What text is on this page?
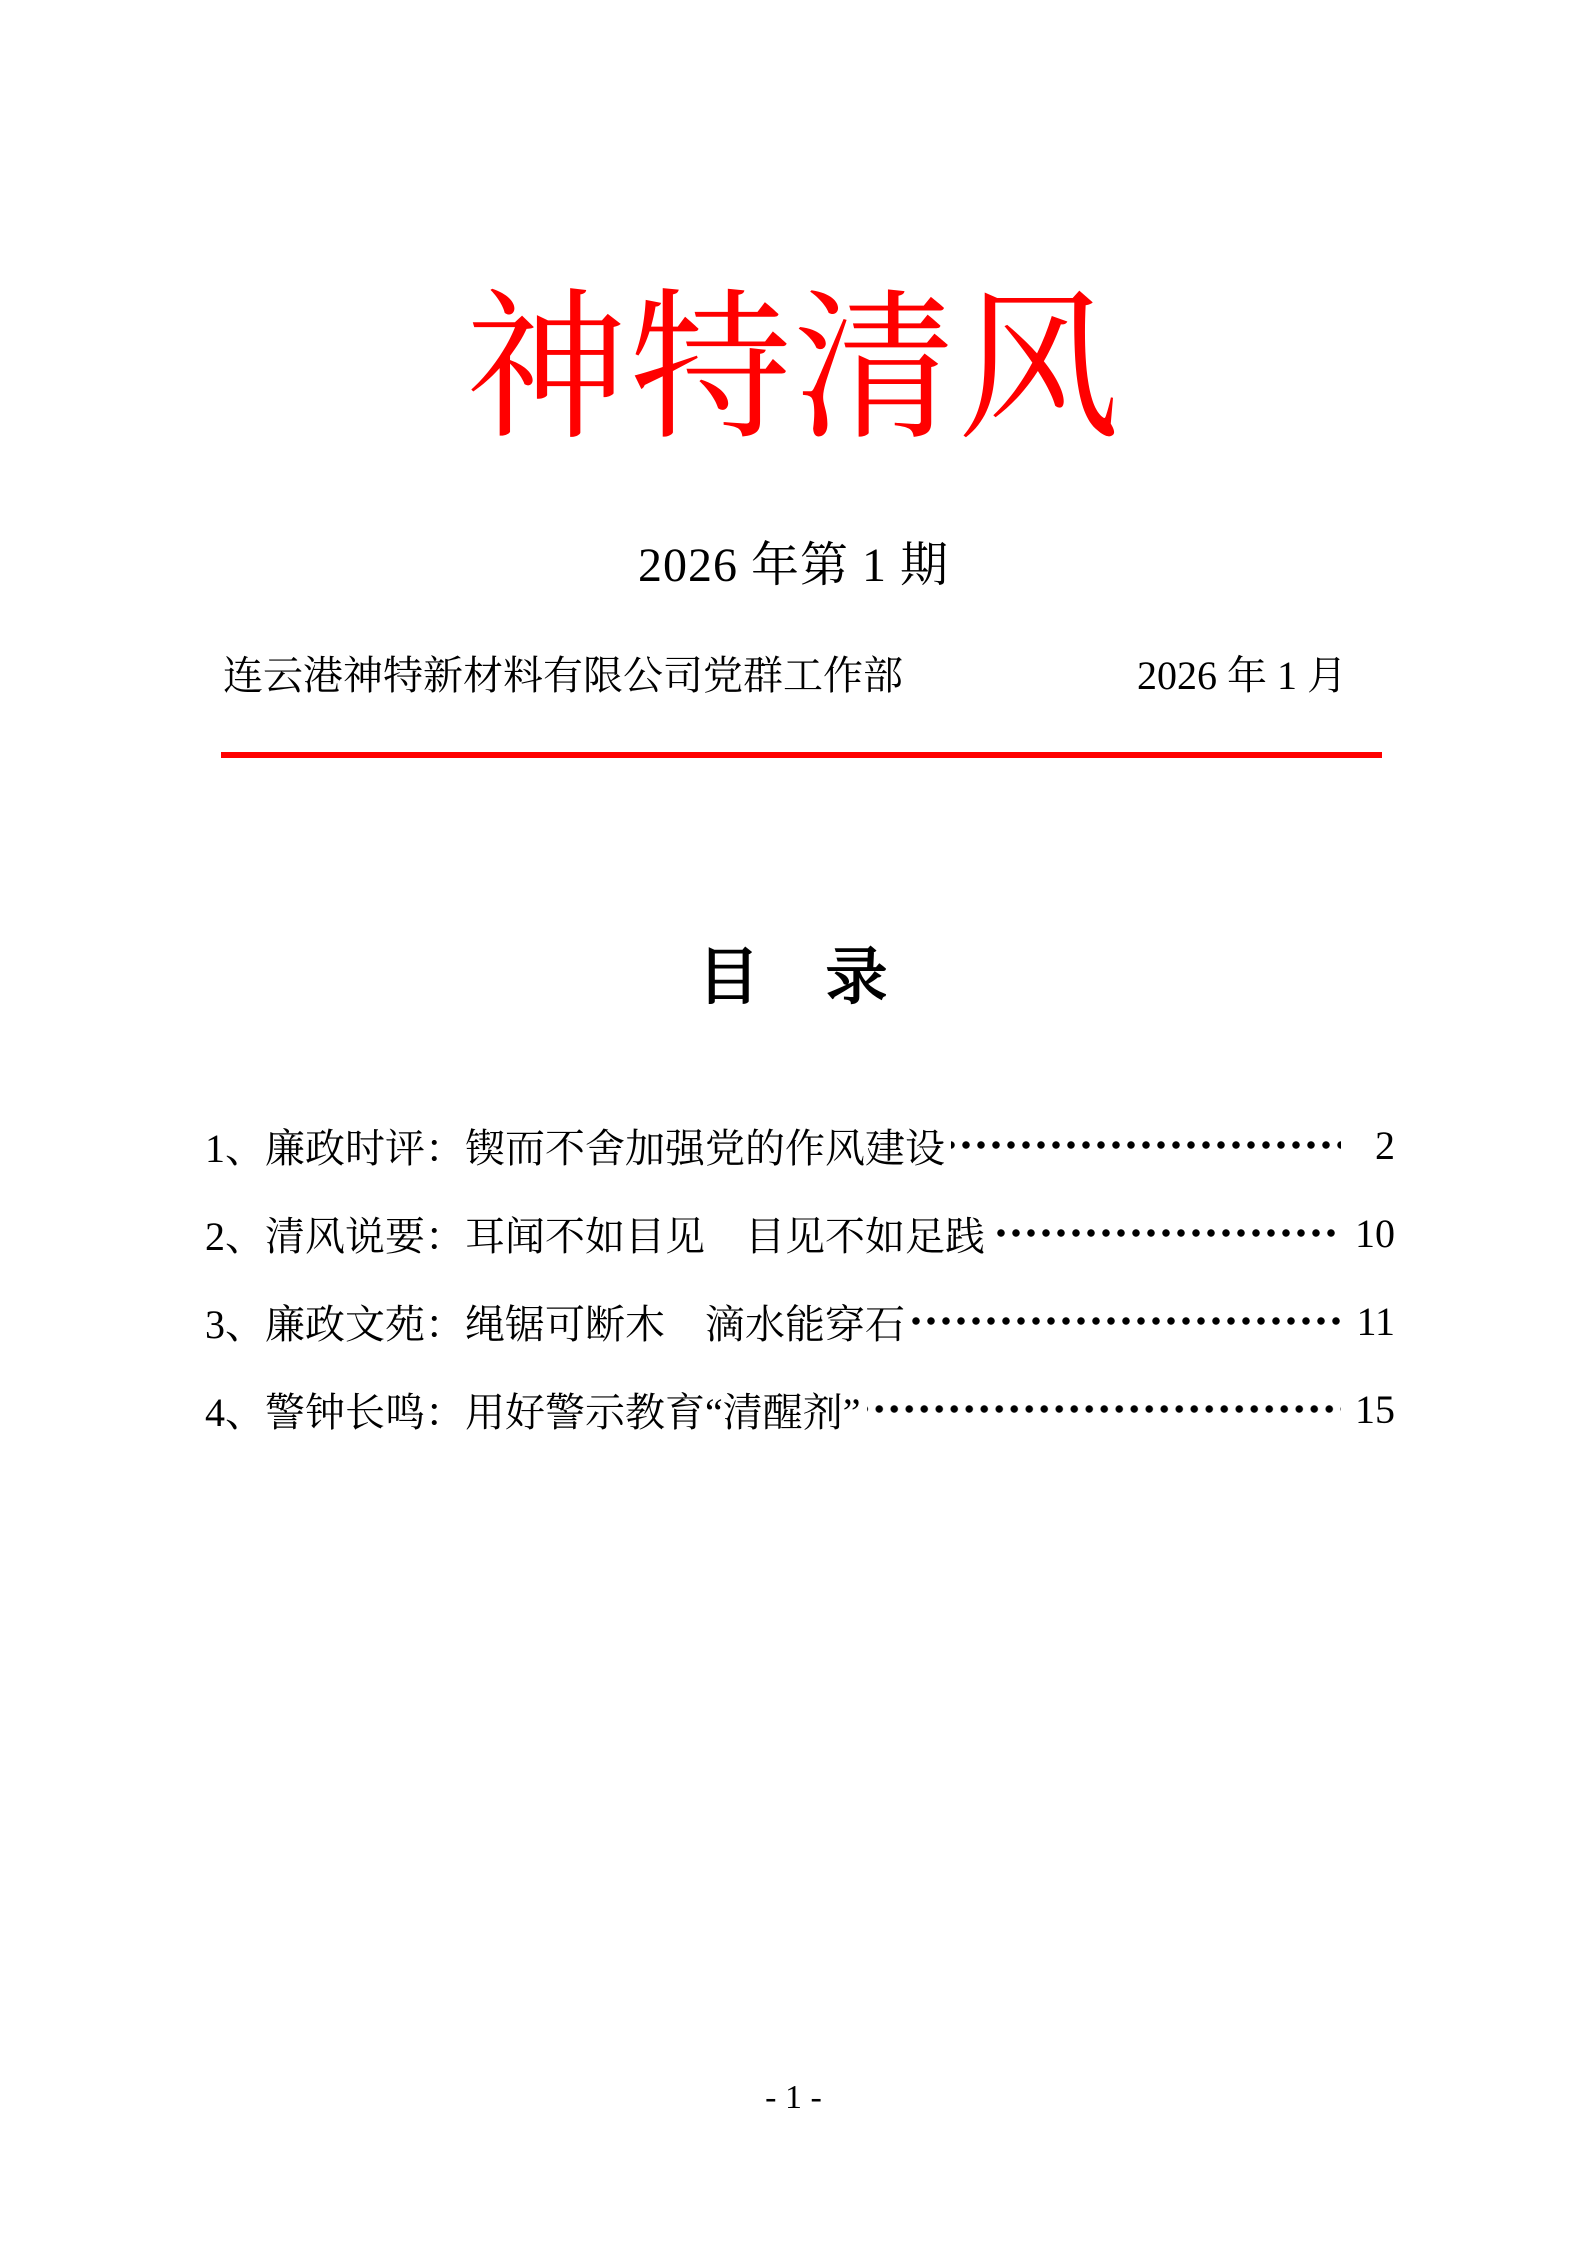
神特清风
2026 年第 1 期
连云港神特新材料有限公司党群工作部	2026 年 1 月
目　录
1、廉政时评：锲而不舍加强党的作风建设	2
2、清风说要：耳闻不如目见　目见不如足践	10
3、廉政文苑：绳锯可断木　滴水能穿石	11
4、警钟长鸣：用好警示教育“清醒剂”	15
- 1 -
